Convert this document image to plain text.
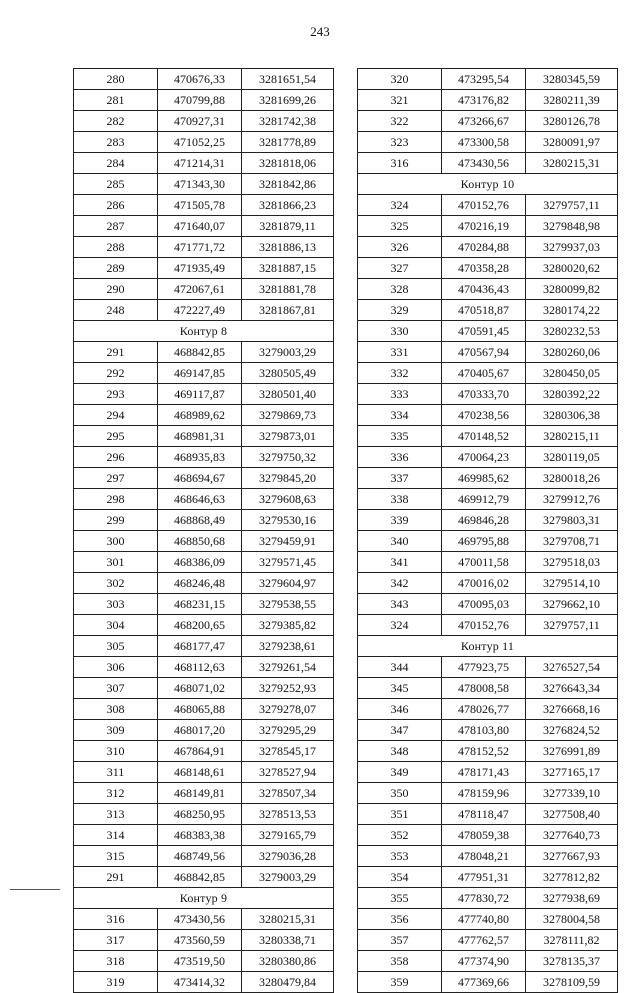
243
280	470676,33	3281651,54
281	470799,88	3281699,26
282	470927,31	3281742,38
283	471052,25	3281778,89
284	471214,31	3281818,06
285	471343,30	3281842,86
286	471505,78	3281866,23
287	471640,07	3281879,11
288	471771,72	3281886,13
289	471935,49	3281887,15
290	472067,61	3281881,78
248	472227,49	3281867,81
Контур 8		
291	468842,85	3279003,29
292	469147,85	3280505,49
293	469117,87	3280501,40
294	468989,62	3279869,73
295	468981,31	3279873,01
296	468935,83	3279750,32
297	468694,67	3279845,20
298	468646,63	3279608,63
299	468868,49	3279530,16
300	468850,68	3279459,91
301	468386,09	3279571,45
302	468246,48	3279604,97
303	468231,15	3279538,55
304	468200,65	3279385,82
305	468177,47	3279238,61
306	468112,63	3279261,54
307	468071,02	3279252,93
308	468065,88	3279278,07
309	468017,20	3279295,29
310	467864,91	3278545,17
311	468148,61	3278527,94
312	468149,81	3278507,34
313	468250,95	3278513,53
314	468383,38	3279165,79
315	468749,56	3279036,28
291	468842,85	3279003,29
Контур 9		
316	473430,56	3280215,31
317	473560,59	3280338,71
318	473519,50	3280380,86
319	473414,32	3280479,84
320	473295,54	3280345,59
321	473176,82	3280211,39
322	473266,67	3280126,78
323	473300,58	3280091,97
316	473430,56	3280215,31
Контур 10		
324	470152,76	3279757,11
325	470216,19	3279848,98
326	470284,88	3279937,03
327	470358,28	3280020,62
328	470436,43	3280099,82
329	470518,87	3280174,22
330	470591,45	3280232,53
331	470567,94	3280260,06
332	470405,67	3280450,05
333	470333,70	3280392,22
334	470238,56	3280306,38
335	470148,52	3280215,11
336	470064,23	3280119,05
337	469985,62	3280018,26
338	469912,79	3279912,76
339	469846,28	3279803,31
340	469795,88	3279708,71
341	470011,58	3279518,03
342	470016,02	3279514,10
343	470095,03	3279662,10
324	470152,76	3279757,11
Контур 11		
344	477923,75	3276527,54
345	478008,58	3276643,34
346	478026,77	3276668,16
347	478103,80	3276824,52
348	478152,52	3276991,89
349	478171,43	3277165,17
350	478159,96	3277339,10
351	478118,47	3277508,40
352	478059,38	3277640,73
353	478048,21	3277667,93
354	477951,31	3277812,82
355	477830,72	3277938,69
356	477740,80	3278004,58
357	477762,57	3278111,82
358	477374,90	3278135,37
359	477369,66	3278109,59
